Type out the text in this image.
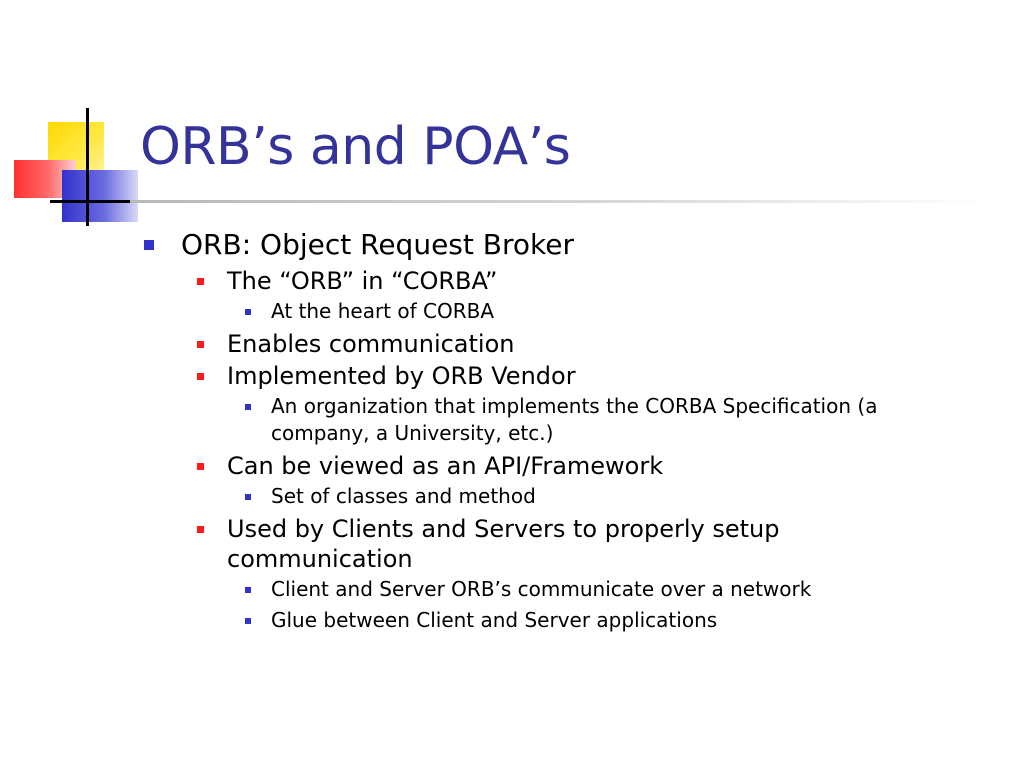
ORB’s and POA’s
ORB: Object Request Broker
The “ORB” in “CORBA”
At the heart of CORBA
Enables communication
Implemented by ORB Vendor
An organization that implements the CORBA Specification (a company, a University, etc.)
Can be viewed as an API/Framework
Set of classes and method
Used by Clients and Servers to properly setup communication
Client and Server ORB’s communicate over a network
Glue between Client and Server applications
